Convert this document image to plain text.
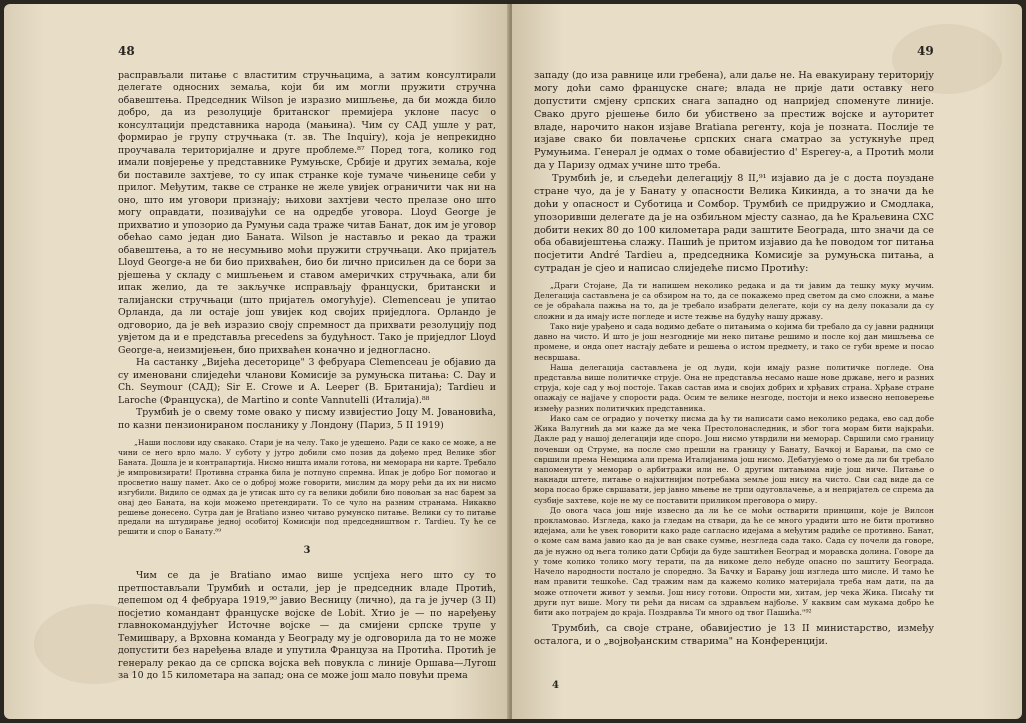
48

расправљали питање с властитим стручњацима, а затим консултирали делегате односних земаља, који би им могли пружити стручна обавештења. Председник Wilson је изразио мишљење, да би можда било добро, да из резолуције британског премијера уклоне пасус о консултацији представника народа (мањина). Чим су САД ушле у рат, формирао је групу стручњака (т. зв. The Inquiry), која је непрекидно проучавала територијалне и друге проблеме.⁸⁷ Поред тога, колико год имали повјерење у представнике Румуњске, Србије и других земаља, које би поставиле захтјеве, то су ипак странке које тумаче чињенице себи у прилог. Међутим, такве се странке не желе увијек ограничити чак ни на оно, што им уговори признају; њихови захтјеви често прелазе оно што могу оправдати, позивајући се на одредбе уговора. Lloyd George је прихватио и упозорио да Румуњи сада траже читав Банат, док им је уговор обећао само један дио Баната. Wilson је настављо и рекао да тражи обавештења, а то не несумњиво моћи пружити стручњаци. Ако пријатељ Lloyd George-а не би био прихваћен, био би лично присиљен да се бори за рјешења у складу с мишљењем и ставом америчких стручњака, али би ипак желио, да те закључке исправљају француски, британски и талијански стручњаци (што пријатељ омогућује). Clemenceau је упитао Орланда, да ли остаје још увијек код својих приједлога. Орландо је одговорио, да је већ изразио своју спремност да прихвати резолуцију под увјетом да и е представља precedens за будућност. Тако је приједлог Lloyd George-а, неизмијењен, био прихваћен коначно и једногласно.

На састанку „Вијећа десеторице" 3 фебруара Clemenceau је објавио да су именовани слиједећи чланови Комисије за румуњска питања: C. Day и Ch. Seymour (САД); Sir E. Crowe и A. Leeper (В. Британија); Tardieu и Laroche (Француска), de Martino и conte Vannutelli (Италија).⁸⁸

Трумбић је о свему томе овако у писму извијестио Јоцу М. Јовановића, по казни пензионираном посланику у Лондону (Париз, 5 II 1919)

„Наши послови иду свакако. Стари је на челу. Тако је удешено. Ради се како се може, а не чини се него врло мало. У суботу у јутро добили смо позив да дођемо пред Велике због Баната. Дошла је и контрапартија. Нисмо ништа имали готова, ни меморара ни карте. Требало је импровизирати! Противна странка била је потпуно спремна. Ипак је добро Бог помогао и просветио нашу памет. Ако се о доброј може говорити, мислим да мору рећи да их ни нисмо изгубили. Видило се одмах да је утисак што су га велики добили био повољан за нас барем за онај део Баната, на који можемо претендирати. То се чуло на разним странама. Никакво решење донесено. Сутра дан је Bratiano изнео читаво румунско питање. Велики су то питање предали на штудирање једној особитој Комисији под председништвом г. Tardieu. Ту ће се решити и спор о Банату.⁸⁹

3

Чим се да је Bratiano имао више успјеха него што су то претпостављали Трумбић и остали, јер је председник владе Протић, депешом од 4 фебруара 1919,⁹⁰ јавио Весницу (лично), да га је јучер (3 II) посјетио командант француске војске de Lobit. Хтио је — по наређењу главнокомандујућег Источне војске — да смијени српске трупе у Темишвару, а Врховна команда у Београду му је одговорила да то не може допустити без наређења владе и упутила Француза на Протића. Протић је генералу рекао да се српска војска већ повукла с линије Оршава—Лугош за 10 до 15 километара на запад; она се може још мало повући према

49

западу (до иза равнице или гребена), али даље не. На евакуирану територију могу доћи само француске снаге; влада не прије дати оставку него допустити смјену српских снага западно од напријед споменуте линије. Свако друго рјешење било би убиствено за престиж војске и ауторитет владе, нарочито након изјаве Bratiana регенту, која је позната. Послије те изјаве свако би повлачење српских снага сматрао за устукнуће пред Румуњима. Генерал је одмах о томе обавијестио d' Esperey-а, а Протић моли да у Паризу одмах учине што треба.

Трумбић је, и сљедећи делегацију 8 II,⁹¹ изјавио да је с доста поуздане стране чуо, да је у Банату у опасности Велика Кикинда, а то значи да ће доћи у опасност и Суботица и Сомбор. Трумбић се придружио и Смодлака, упозоривши делегате да је на озбиљном мјесту сазнао, да ће Краљевина СХС добити неких 80 до 100 километара ради заштите Београда, што значи да се оба обавијештења слажу. Пашић је притом изјавио да ће поводом тог питања посјетити André Tardieu а, председника Комисије за румуњска питања, а сутрадан је сјео и написао слиједеће писмо Протићу:

„Драги Стојане, Да ти напишем неколико редака и да ти јавим да тешку муку мучим. Делегација састављена је са обзиром на то, да се покажемо пред светом да смо сложни, а мање се је обраћала пажња на то, да је требало изабрати делегате, који су на делу показали да су сложни и да имају исте погледе и исте тежње на будућу нашу државу.

Тако није урађено и сада водимо дебате о питањима о којима би требало да су јавни радници давно на чисто. И што је још незгодније ми неко питање решимо и после кој дан мишљења се промене, и онда опет настају дебате и решења о истом предмету, и тако се губи време и посао несвршава.

Наша делегација састављена је од људи, који имају разне политичке погледе. Она представља више политичке струје. Она не представља несамо наше нове државе, него и разних струја, које сад у њој постоје. Такав састав има и својих добрих и хрђавих страна. Хрђаве стране опажају се најјаче у спорости рада. Осим те велике незгоде, постоји и неко извесно неповерење између разних политичких представника.

Иако сам се оградио у почетку писма да ћу ти написати само неколико редака, ево сад добе Жика Валугнић да ми каже да ме чека Престолонаследник, и због тога морам бити најкраћи. Дакле рад у нашој делегацији иде споро. Још нисмо утврдили ни меморар. Свршили смо границу почевши од Струме, на после смо прешли на границу у Банату, Бачкој и Барањи, па смо се свршили према Немцима али према Италијанима још нисмо. Дебатујемо о томе да ли би требало напоменути у меморар о арбитражи или не. О другим питањима није још ниче. Питање о накнади штете, питање о најхитнијим потребама земље још нису на чисто. Сви сад виде да се мора посао брже свршавати, јер јавно мњење не трпи одуговлачење, а и непријатељ се спрема да сузбије захтеве, које не му се поставити приликом преговора о миру.

До овога часа још није извесно да ли ће се моћи остварити принципи, које је Вилсон прокламовао. Изгледа, како ја гледам на ствари, да ће се много урадити што не бити противно идејама, али ће увек говорити како раде сагласно идејама а међутим радиће се противно. Банат, о коме сам вама јавио као да је ван сваке сумње, незгледа сада тако. Сада су почели да говоре, да је нужно од њега толико дати Србији да буде заштићен Београд и моравска долина. Говоре да у томе колико толико могу терати, па да никоме дело небуде опасно по заштиту Београда. Начело народности постало је споредно. За Бачку и Барању још изгледа што мисле. И тамо ће нам правити тешкоће. Сад тражим нам да кажемо колико материјала треба нам дати, па да може отпочети живот у земљи. Још нису готови. Опрости ми, хитам, јер чека Жика. Писаћу ти други пут више. Могу ти рећи да нисам са здрављем најбоље. У каквим сам мукама добро ће бити ако потрајем до краја. Поздравља Ти много од твог Пашића."⁹²

Трумбић, са своје стране, обавијестио је 13 II министарство, између осталога, и о „војвођанским стварима" на Конференцији.

4
